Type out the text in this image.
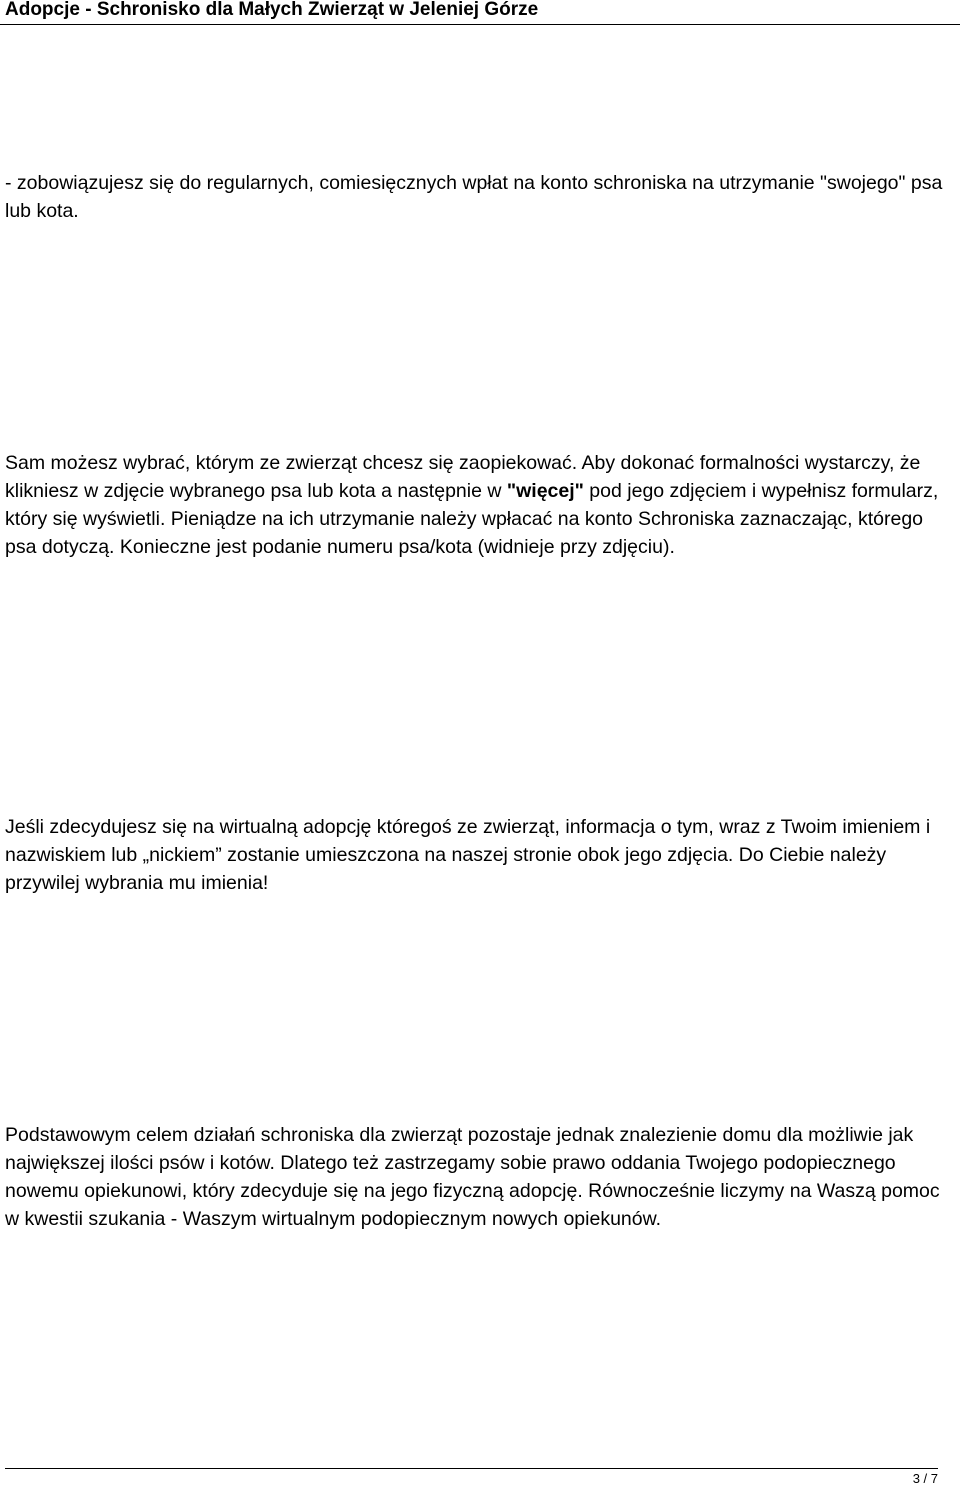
Adopcje - Schronisko dla Małych Zwierząt w Jeleniej Górze

- zobowiązujesz się do regularnych, comiesięcznych wpłat na konto schroniska na utrzymanie "swojego" psa lub kota.

Sam możesz wybrać, którym ze zwierząt chcesz się zaopiekować. Aby dokonać formalności wystarczy, że klikniesz w zdjęcie wybranego psa lub kota a następnie w "więcej" pod jego zdjęciem i wypełnisz formularz, który się wyświetli. Pieniądze na ich utrzymanie należy wpłacać na konto Schroniska zaznaczając, którego psa dotyczą. Konieczne jest podanie numeru psa/kota (widnieje przy zdjęciu).

Jeśli zdecydujesz się na wirtualną adopcję któregoś ze zwierząt, informacja o tym, wraz z Twoim imieniem i nazwiskiem lub „nickiem” zostanie umieszczona na naszej stronie obok jego zdjęcia. Do Ciebie należy przywilej wybrania mu imienia!

Podstawowym celem działań schroniska dla zwierząt pozostaje jednak znalezienie domu dla możliwie jak największej ilości psów i kotów. Dlatego też zastrzegamy sobie prawo oddania Twojego podopiecznego nowemu opiekunowi, który zdecyduje się na jego fizyczną adopcję. Równocześnie liczymy na Waszą pomoc w kwestii szukania - Waszym wirtualnym podopiecznym nowych opiekunów.

3 / 7
